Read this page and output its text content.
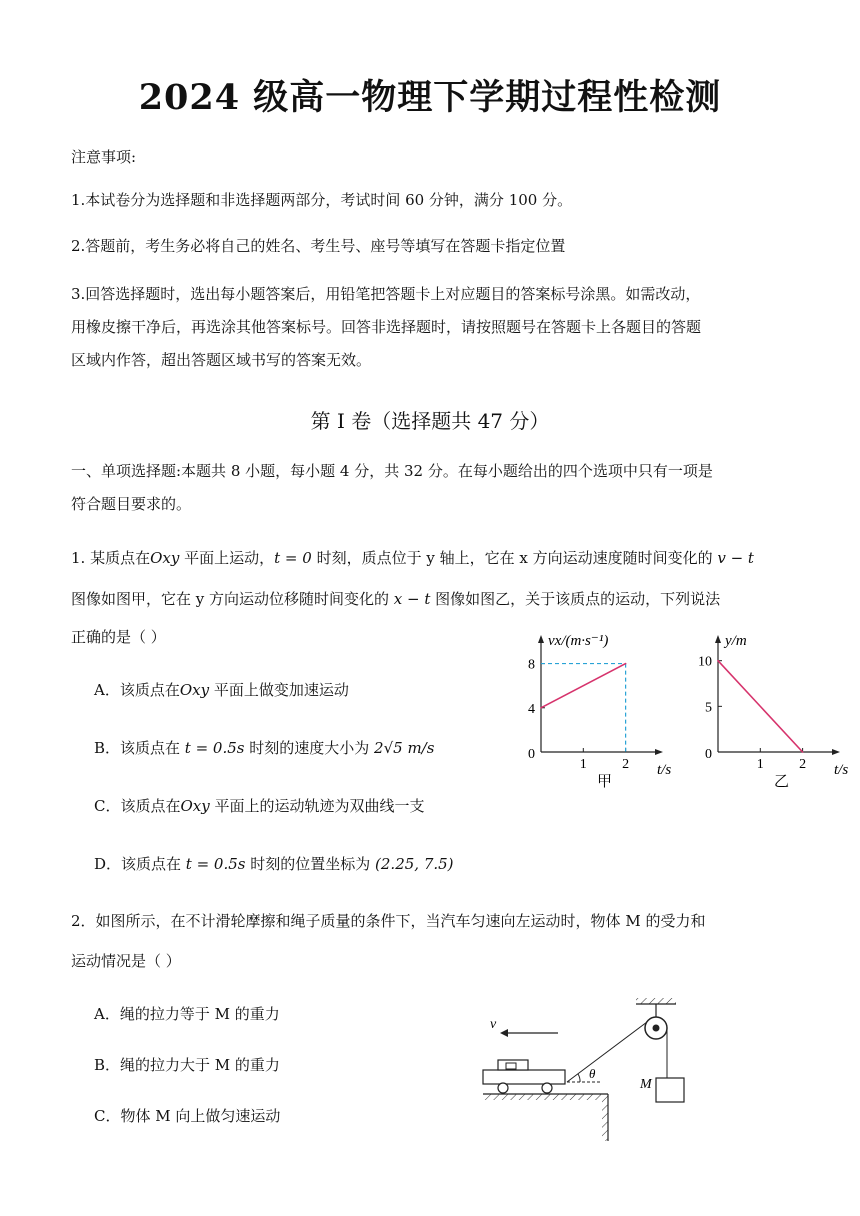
2024 级高一物理下学期过程性检测
注意事项:
1.本试卷分为选择题和非选择题两部分，考试时间 60 分钟，满分 100 分。
2.答题前，考生务必将自己的姓名、考生号、座号等填写在答题卡指定位置
3.回答选择题时，选出每小题答案后，用铅笔把答题卡上对应题目的答案标号涂黑。如需改动，
用橡皮擦干净后，再选涂其他答案标号。回答非选择题时，请按照题号在答题卡上各题目的答题
区域内作答，超出答题区域书写的答案无效。
第 I 卷（选择题共 47 分）
一、单项选择题:本题共 8 小题，每小题 4 分，共 32 分。在每小题给出的四个选项中只有一项是
符合题目要求的。
1. 某质点在Oxy 平面上运动，t = 0 时刻，质点位于 y 轴上，它在 x 方向运动速度随时间变化的 v − t
图像如图甲，它在 y 方向运动位移随时间变化的 x − t 图像如图乙，关于该质点的运动，下列说法
正确的是（ ）
A．该质点在Oxy 平面上做变加速运动
B．该质点在 t = 0.5s 时刻的速度大小为 2√5 m/s
C．该质点在Oxy 平面上的运动轨迹为双曲线一支
D．该质点在 t = 0.5s 时刻的位置坐标为 (2.25, 7.5)
1	2
4
8
0
vx/(m·s⁻¹)
t/s
甲
1	2
5
10
0
y/m
t/s
乙
2．如图所示，在不计滑轮摩擦和绳子质量的条件下，当汽车匀速向左运动时，物体 M 的受力和
运动情况是（ ）
A．绳的拉力等于 M 的重力
B．绳的拉力大于 M 的重力
C．物体 M 向上做匀速运动
M
θ
v
